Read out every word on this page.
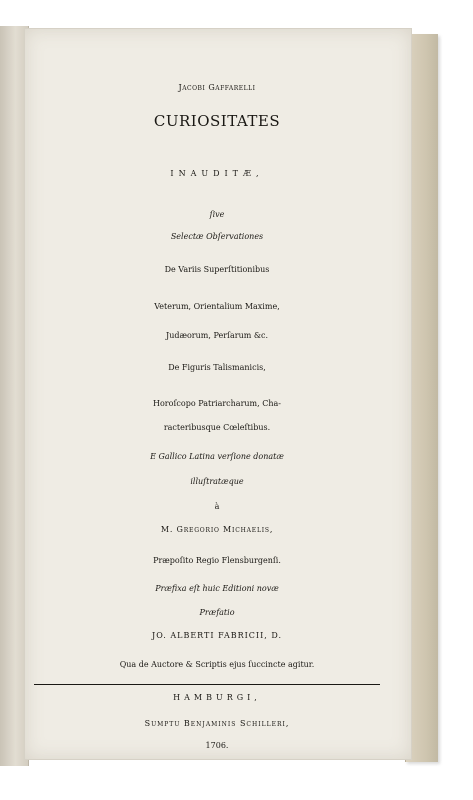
Jacobi Gaffarelli
CURIOSITATES
INAUDITÆ,
ſive
Selectæ Obſervationes
De Variis Superſtitionibus
Veterum, Orientalium Maxime,
Judæorum, Perſarum &c.
De Figuris Talismanicis,
Horoſcopo Patriarcharum, Cha-
racteribusque Cœleſtibus.
E Gallico Latina verſione donatæ
illuſtratæque
à
M. Gregorio Michaelis,
Præpoſito Regio Flensburgenſi.
Præfixa eſt huic Editioni novæ
Præfatio
JO. ALBERTI FABRICII, D.
Qua de Auctore & Scriptis ejus ſuccincte agitur.
HAMBURGI,
Sumptu Benjaminis Schilleri,
1706.
